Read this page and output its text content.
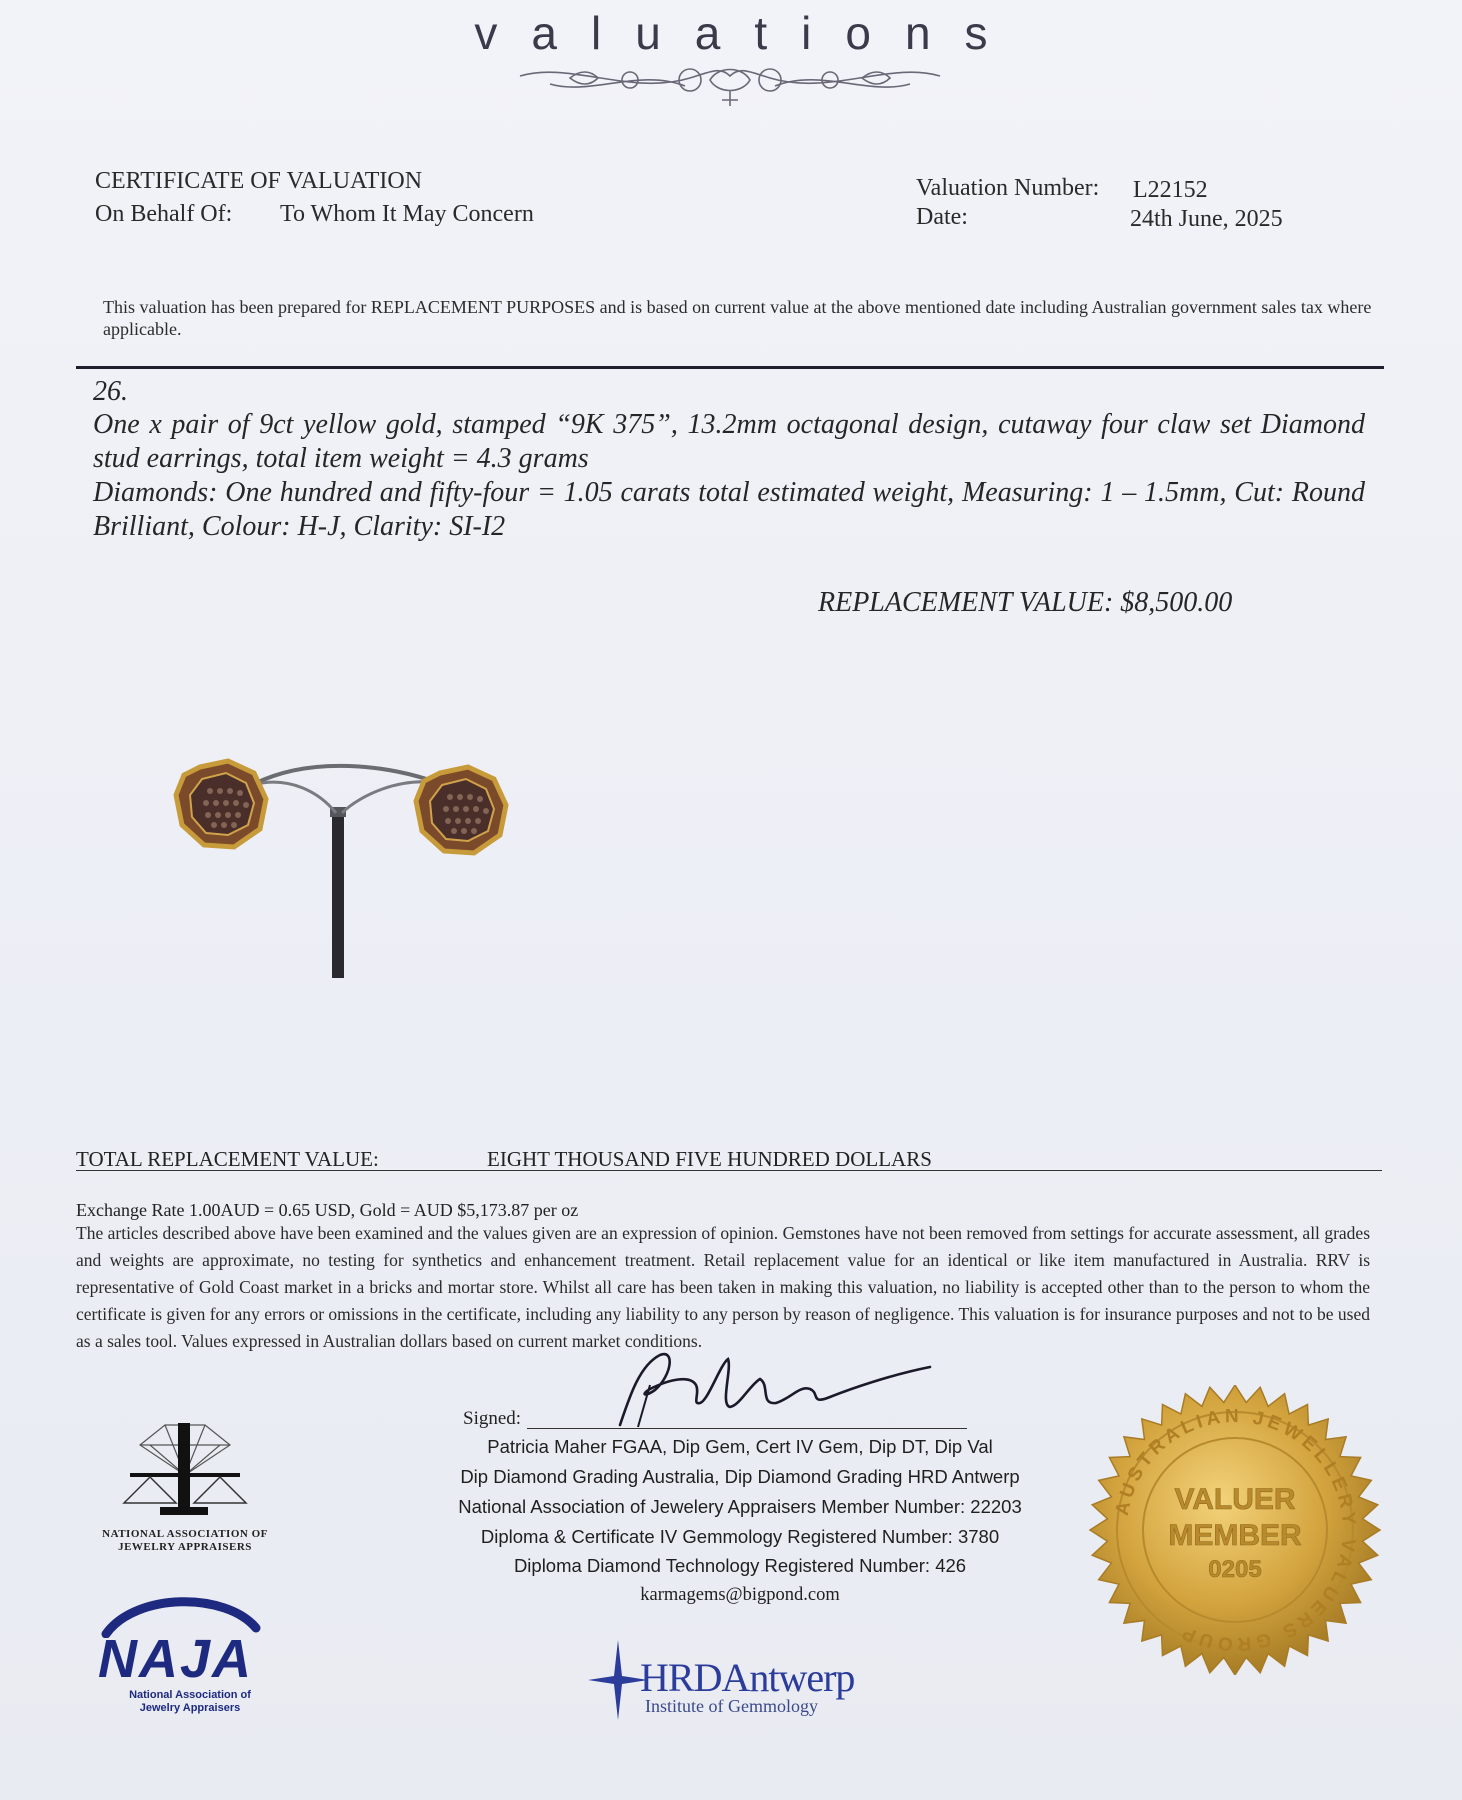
valuations
CERTIFICATE OF VALUATION
On Behalf Of: To Whom It May Concern
Valuation Number: L22152
Date:	24th June, 2025
This valuation has been prepared for REPLACEMENT PURPOSES and is based on current value at the above mentioned date including Australian government sales tax where applicable.
26.
One x pair of 9ct yellow gold, stamped “9K 375”, 13.2mm octagonal design, cutaway four claw set Diamond stud earrings, total item weight = 4.3 grams
Diamonds: One hundred and fifty-four = 1.05 carats total estimated weight, Measuring: 1 – 1.5mm, Cut: Round Brilliant, Colour: H-J, Clarity: SI-I2
REPLACEMENT VALUE: $8,500.00
TOTAL REPLACEMENT VALUE:	EIGHT THOUSAND FIVE HUNDRED DOLLARS
Exchange Rate 1.00AUD = 0.65 USD, Gold = AUD $5,173.87 per oz
The articles described above have been examined and the values given are an expression of opinion. Gemstones have not been removed from settings for accurate assessment, all grades and weights are approximate, no testing for synthetics and enhancement treatment. Retail replacement value for an identical or like item manufactured in Australia. RRV is representative of Gold Coast market in a bricks and mortar store. Whilst all care has been taken in making this valuation, no liability is accepted other than to the person to whom the certificate is given for any errors or omissions in the certificate, including any liability to any person by reason of negligence. This valuation is for insurance purposes and not to be used as a sales tool. Values expressed in Australian dollars based on current market conditions.
Signed:
Patricia Maher FGAA, Dip Gem, Cert IV Gem, Dip DT, Dip Val
Dip Diamond Grading Australia, Dip Diamond Grading HRD Antwerp
National Association of Jewelery Appraisers Member Number: 22203
Diploma & Certificate IV Gemmology Registered Number: 3780
Diploma Diamond Technology Registered Number: 426
karmagems@bigpond.com
NATIONAL ASSOCIATION OF JEWELRY APPRAISERS
NAJA
National Association of Jewelry Appraisers
HRDAntwerp
Institute of Gemmology
AUSTRALIAN JEWELLERY VALUERS GROUP
VALUER
MEMBER
0205
